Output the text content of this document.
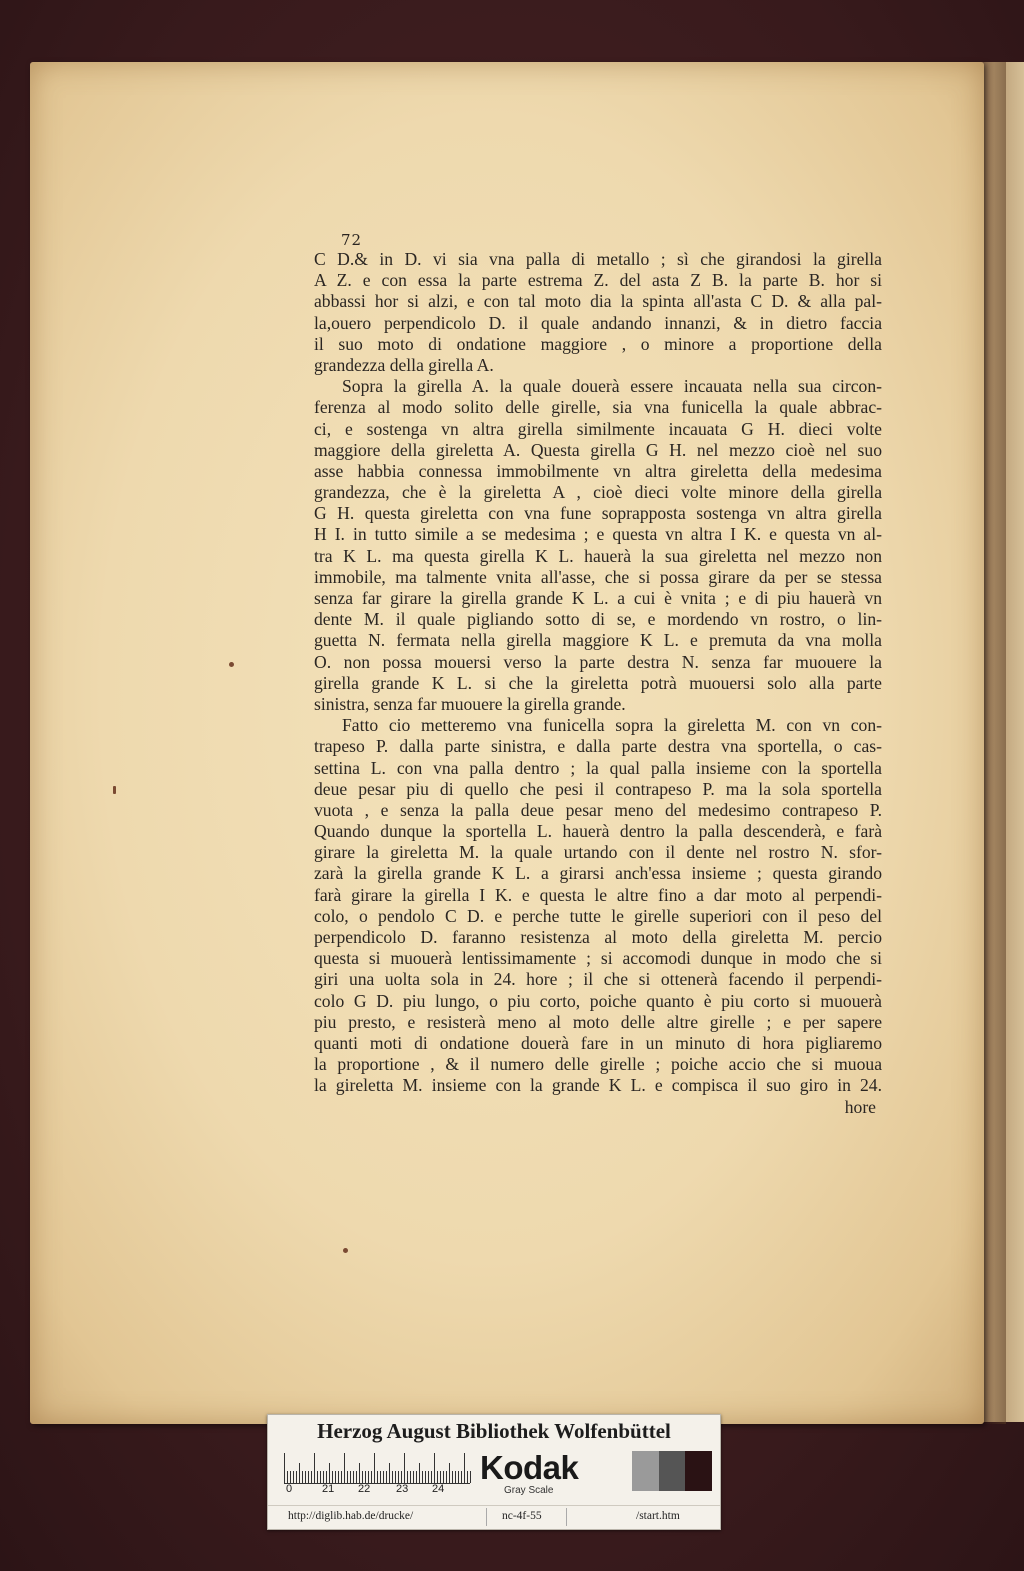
72
C D.& in D. vi sia vna palla di metallo ; sì che girandosi la girella
A Z. e con essa la parte estrema Z. del asta Z B. la parte B. hor si
abbassi hor si alzi, e con tal moto dia la spinta all'asta C D. & alla pal-
la,ouero perpendicolo D. il quale andando innanzi, & in dietro faccia
il suo moto di ondatione maggiore , o minore a proportione della
grandezza della girella A.
Sopra la girella A. la quale douerà essere incauata nella sua circon-
ferenza al modo solito delle girelle, sia vna funicella la quale abbrac-
ci, e sostenga vn altra girella similmente incauata G H. dieci volte
maggiore della gireletta A. Questa girella G H. nel mezzo cioè nel suo
asse habbia connessa immobilmente vn altra gireletta della medesima
grandezza, che è la gireletta A , cioè dieci volte minore della girella
G H. questa gireletta con vna fune soprapposta sostenga vn altra girella
H I. in tutto simile a se medesima ; e questa vn altra I K. e questa vn al-
tra K L. ma questa girella K L. hauerà la sua gireletta nel mezzo non
immobile, ma talmente vnita all'asse, che si possa girare da per se stessa
senza far girare la girella grande K L. a cui è vnita ; e di piu hauerà vn
dente M. il quale pigliando sotto di se, e mordendo vn rostro, o lin-
guetta N. fermata nella girella maggiore K L. e premuta da vna molla
O. non possa mouersi verso la parte destra N. senza far muouere la
girella grande K L. si che la gireletta potrà muouersi solo alla parte
sinistra, senza far muouere la girella grande.
Fatto cio metteremo vna funicella sopra la gireletta M. con vn con-
trapeso P. dalla parte sinistra, e dalla parte destra vna sportella, o cas-
settina L. con vna palla dentro ; la qual palla insieme con la sportella
deue pesar piu di quello che pesi il contrapeso P. ma la sola sportella
vuota , e senza la palla deue pesar meno del medesimo contrapeso P.
Quando dunque la sportella L. hauerà dentro la palla descenderà, e farà
girare la gireletta M. la quale urtando con il dente nel rostro N. sfor-
zarà la girella grande K L. a girarsi anch'essa insieme ; questa girando
farà girare la girella I K. e questa le altre fino a dar moto al perpendi-
colo, o pendolo C D. e perche tutte le girelle superiori con il peso del
perpendicolo D. faranno resistenza al moto della gireletta M. percio
questa si muouerà lentissimamente ; si accomodi dunque in modo che si
giri una uolta sola in 24. hore ; il che si ottenerà facendo il perpendi-
colo G D. piu lungo, o piu corto, poiche quanto è piu corto si muouerà
piu presto, e resisterà meno al moto delle altre girelle ; e per sapere
quanti moti di ondatione douerà fare in un minuto di hora pigliaremo
la proportione , & il numero delle girelle ; poiche accio che si muoua
la gireletta M. insieme con la grande K L. e compisca il suo giro in 24.
hore
Herzog August Bibliothek Wolfenbüttel
0	21 22 23 24
Kodak
Gray Scale
http://diglib.hab.de/drucke/	nc-4f-55	/start.htm
